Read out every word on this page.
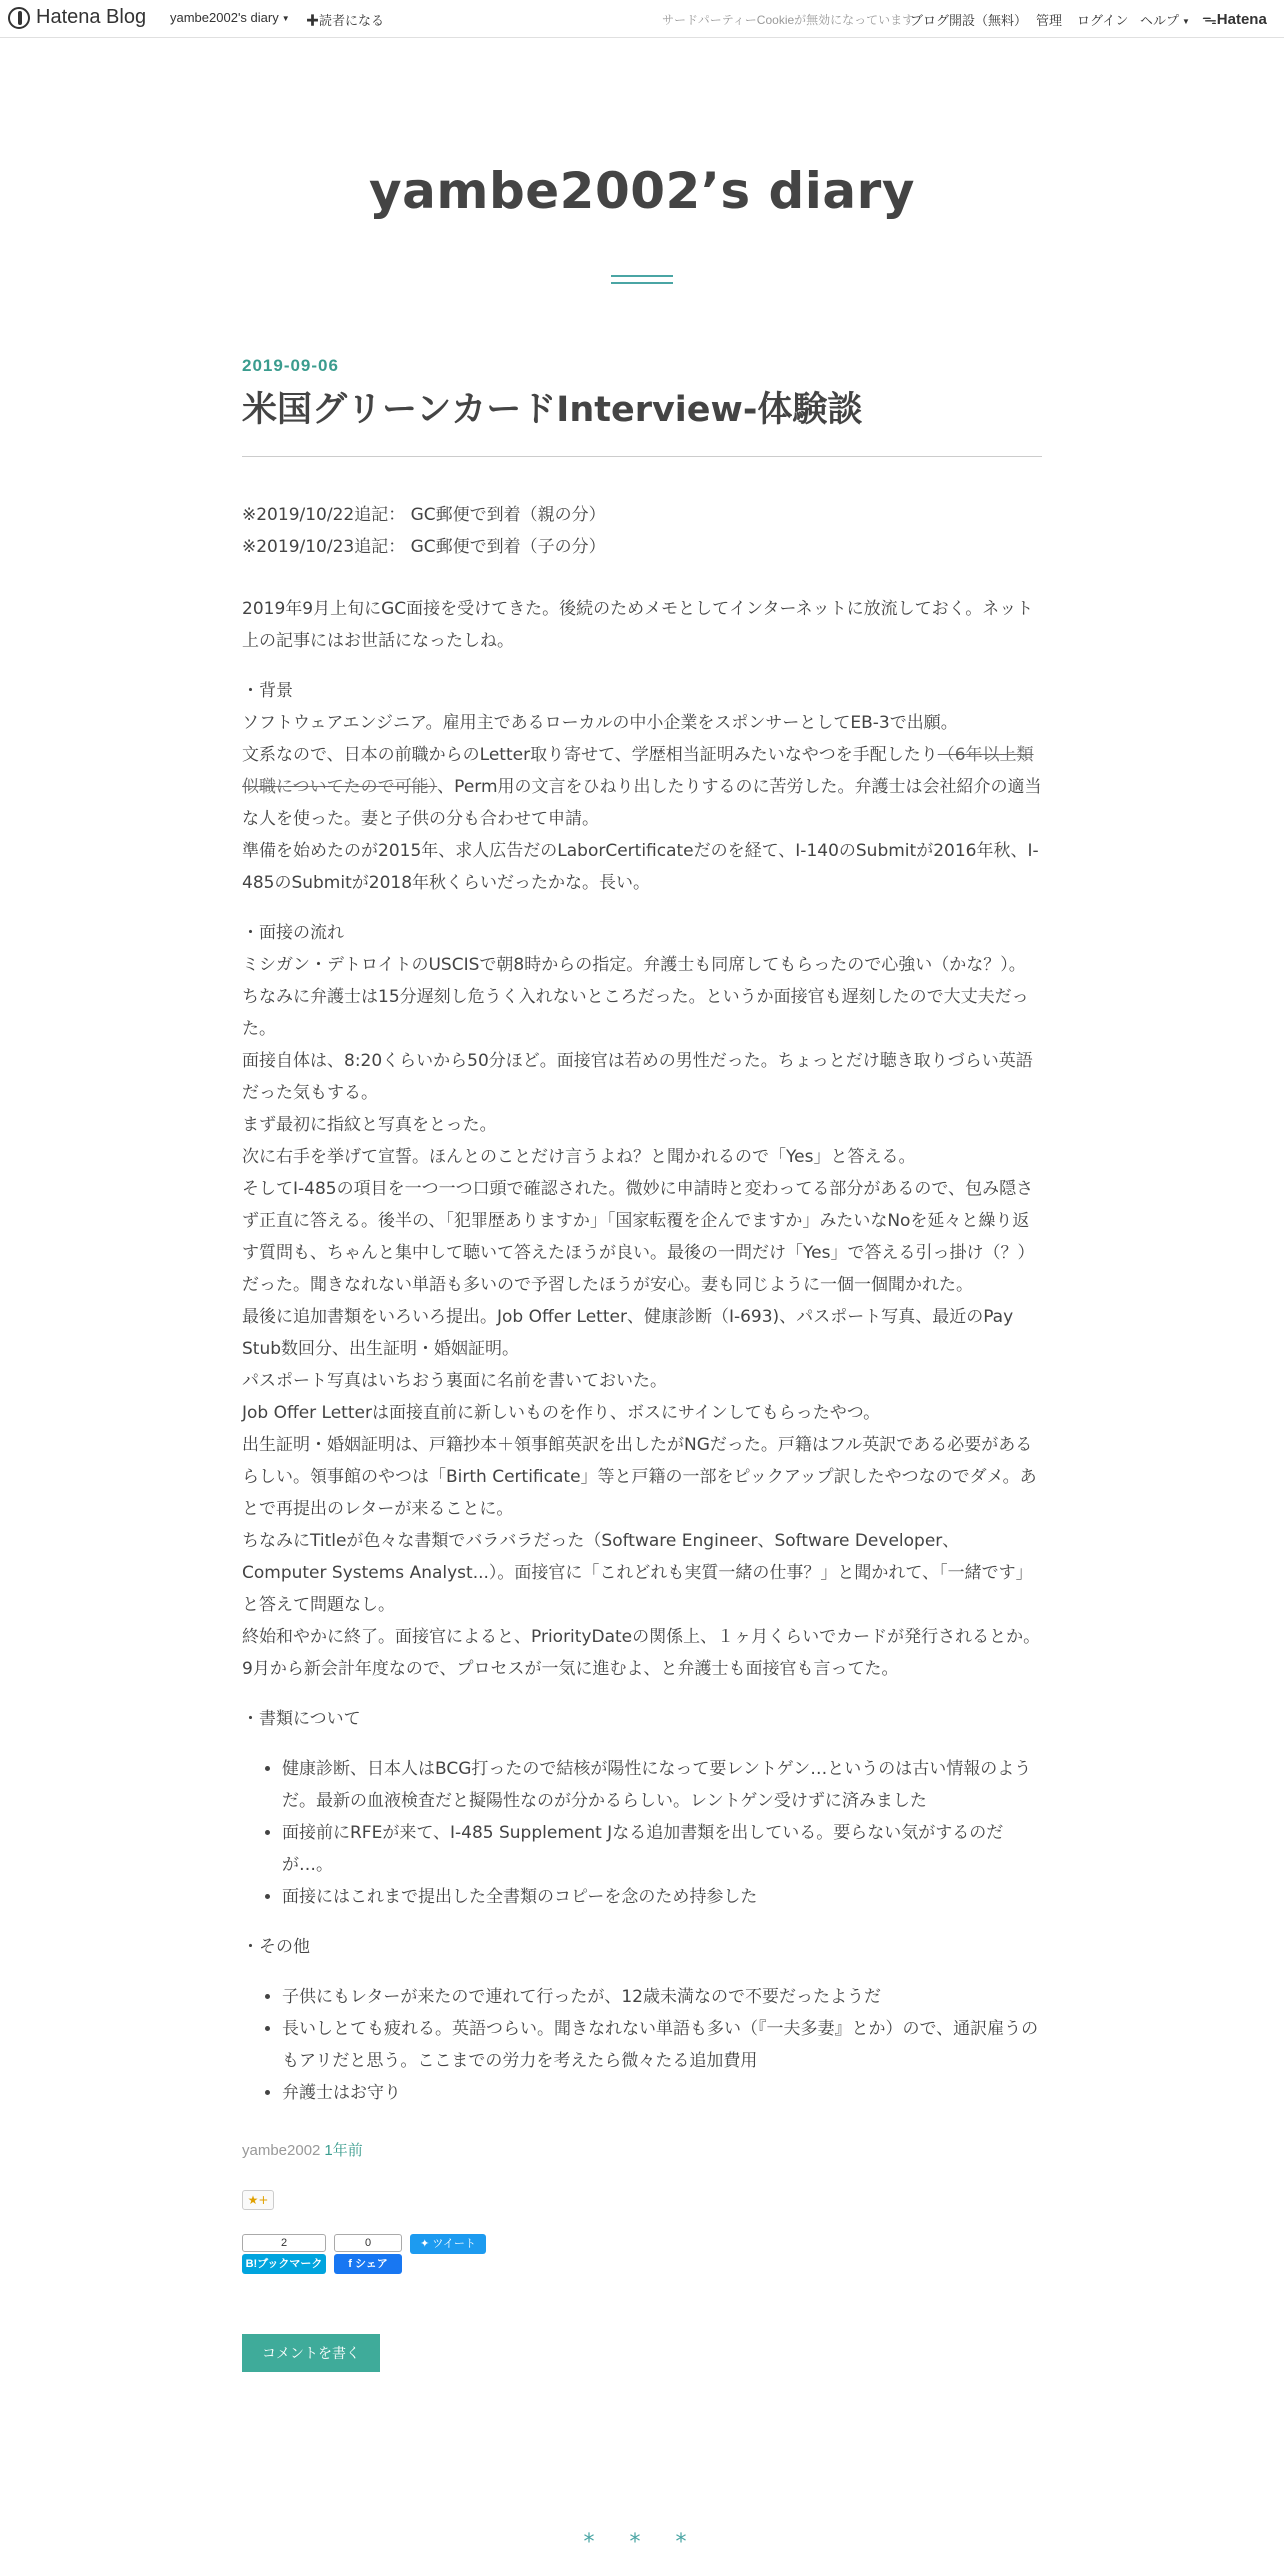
Hatena Blog yambe2002's diary ▼ ✚読者になる	サードパーティーCookieが無効になっています
ブログ開設（無料） 管理 ログイン ヘルプ ▼ ᯓHatena
yambe2002’s diary
2019-09-06
米国グリーンカードInterview-体験談
※2019/10/22追記： GC郵便で到着（親の分）
※2019/10/23追記： GC郵便で到着（子の分）

2019年9月上旬にGC面接を受けてきた。後続のためメモとしてインターネットに放流しておく。ネット上の記事にはお世話になったしね。

・背景
ソフトウェアエンジニア。雇用主であるローカルの中小企業をスポンサーとしてEB-3で出願。
文系なので、日本の前職からのLetter取り寄せて、学歴相当証明みたいなやつを手配したり（6年以上類似職についてたので可能）、Perm用の文言をひねり出したりするのに苦労した。弁護士は会社紹介の適当な人を使った。妻と子供の分も合わせて申請。

準備を始めたのが2015年、求人広告だのLaborCertificateだのを経て、I-140のSubmitが2016年秋、I-485のSubmitが2018年秋くらいだったかな。長い。

・面接の流れ
ミシガン・デトロイトのUSCISで朝8時からの指定。弁護士も同席してもらったので心強い（かな？）。ちなみに弁護士は15分遅刻し危うく入れないところだった。というか面接官も遅刻したので大丈夫だった。
面接自体は、8:20くらいから50分ほど。面接官は若めの男性だった。ちょっとだけ聴き取りづらい英語だった気もする。
まず最初に指紋と写真をとった。
次に右手を挙げて宣誓。ほんとのことだけ言うよね？と聞かれるので「Yes」と答える。
そしてI-485の項目を一つ一つ口頭で確認された。微妙に申請時と変わってる部分があるので、包み隠さず正直に答える。後半の、「犯罪歴ありますか」「国家転覆を企んでますか」みたいなNoを延々と繰り返す質問も、ちゃんと集中して聴いて答えたほうが良い。最後の一問だけ「Yes」で答える引っ掛け（？）だった。聞きなれない単語も多いので予習したほうが安心。妻も同じように一個一個聞かれた。
最後に追加書類をいろいろ提出。Job Offer Letter、健康診断（I-693)、パスポート写真、最近のPay Stub数回分、出生証明・婚姻証明。
パスポート写真はいちおう裏面に名前を書いておいた。
Job Offer Letterは面接直前に新しいものを作り、ボスにサインしてもらったやつ。
出生証明・婚姻証明は、戸籍抄本＋領事館英訳を出したがNGだった。戸籍はフル英訳である必要があるらしい。領事館のやつは「Birth Certificate」等と戸籍の一部をピックアップ訳したやつなのでダメ。あとで再提出のレターが来ることに。
ちなみにTitleが色々な書類でバラバラだった（Software Engineer、Software Developer、Computer Systems Analyst...）。面接官に「これどれも実質一緒の仕事？」と聞かれて、「一緒です」と答えて問題なし。

終始和やかに終了。面接官によると、PriorityDateの関係上、１ヶ月くらいでカードが発行されるとか。9月から新会計年度なので、プロセスが一気に進むよ、と弁護士も面接官も言ってた。

・書類について

• 健康診断、日本人はBCG打ったので結核が陽性になって要レントゲン…というのは古い情報のようだ。最新の血液検査だと擬陽性なのが分かるらしい。レントゲン受けずに済みました
• 面接前にRFEが来て、I-485 Supplement Jなる追加書類を出している。要らない気がするのだが…。
• 面接にはこれまで提出した全書類のコピーを念のため持参した

・その他

• 子供にもレターが来たので連れて行ったが、12歳未満なので不要だったようだ
• 長いしとても疲れる。英語つらい。聞きなれない単語も多い（『一夫多妻』とか）ので、通訳雇うのもアリだと思う。ここまでの労力を考えたら微々たる追加費用
• 弁護士はお守り
yambe2002 1年前
★+
2
B!ブックマーク
0
f シェア
✦ ツイート
コメントを書く
* * *
